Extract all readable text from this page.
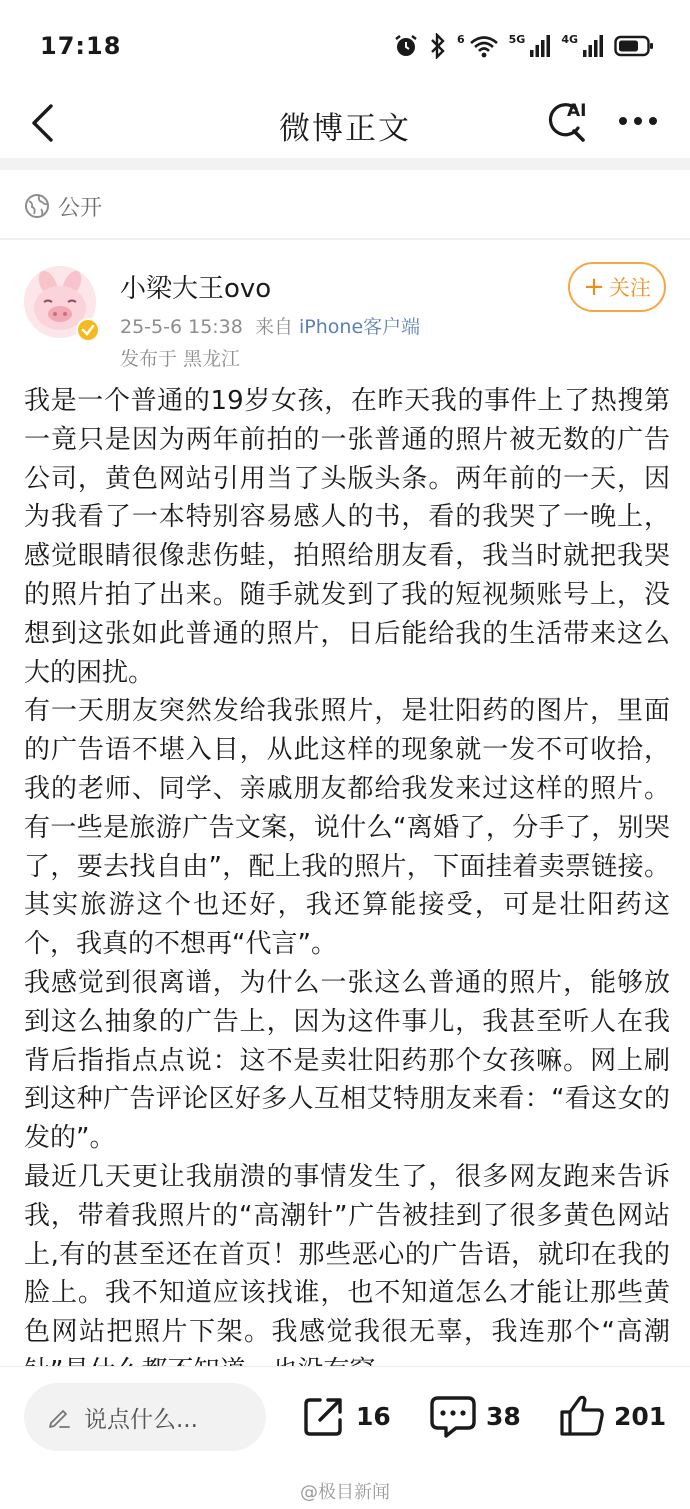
17:18	6	5G	4G
微博正文	AI
公开
小梁大王ovo
25-5-6 15:38 来自 iPhone客户端
发布于 黑龙江
+ 关注

我是一个普通的19岁女孩，在昨天我的事件上了热搜第一竟只是因为两年前拍的一张普通的照片被无数的广告公司，黄色网站引用当了头版头条。两年前的一天，因为我看了一本特别容易感人的书，看的我哭了一晚上，感觉眼睛很像悲伤蛙，拍照给朋友看，我当时就把我哭的照片拍了出来。随手就发到了我的短视频账号上，没想到这张如此普通的照片，日后能给我的生活带来这么大的困扰。

有一天朋友突然发给我张照片，是壮阳药的图片，里面的广告语不堪入目，从此这样的现象就一发不可收拾，我的老师、同学、亲戚朋友都给我发来过这样的照片。有一些是旅游广告文案，说什么“离婚了，分手了，别哭了，要去找自由”，配上我的照片，下面挂着卖票链接。其实旅游这个也还好，我还算能接受，可是壮阳药这个，我真的不想再“代言”。

我感觉到很离谱，为什么一张这么普通的照片，能够放到这么抽象的广告上，因为这件事儿，我甚至听人在我背后指指点点说：这不是卖壮阳药那个女孩嘛。网上刷到这种广告评论区好多人互相艾特朋友来看：“看这女的发的”。

最近几天更让我崩溃的事情发生了，很多网友跑来告诉我，带着我照片的“高潮针”广告被挂到了很多黄色网站上,有的甚至还在首页！那些恶心的广告语，就印在我的脸上。我不知道应该找谁，也不知道怎么才能让那些黄色网站把照片下架。我感觉我很无辜，我连那个“高潮

说点什么...	16	38	201
@极目新闻
